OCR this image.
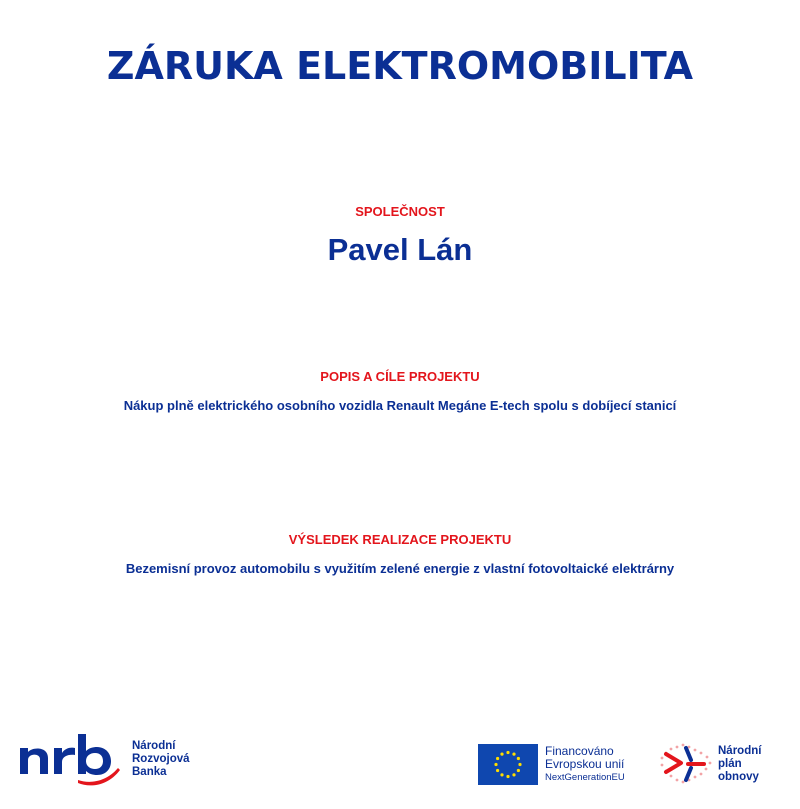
ZÁRUKA ELEKTROMOBILITA
SPOLEČNOST
Pavel Lán
POPIS A CÍLE PROJEKTU
Nákup plně elektrického osobního vozidla Renault Megáne E-tech spolu s dobíjecí stanicí
VÝSLEDEK REALIZACE PROJEKTU
Bezemisní provoz automobilu s využitím zelené energie z vlastní fotovoltaické elektrárny
Národní
Rozvojová
Banka
Financováno
Evropskou unií
NextGenerationEU
Národní
plán
obnovy
